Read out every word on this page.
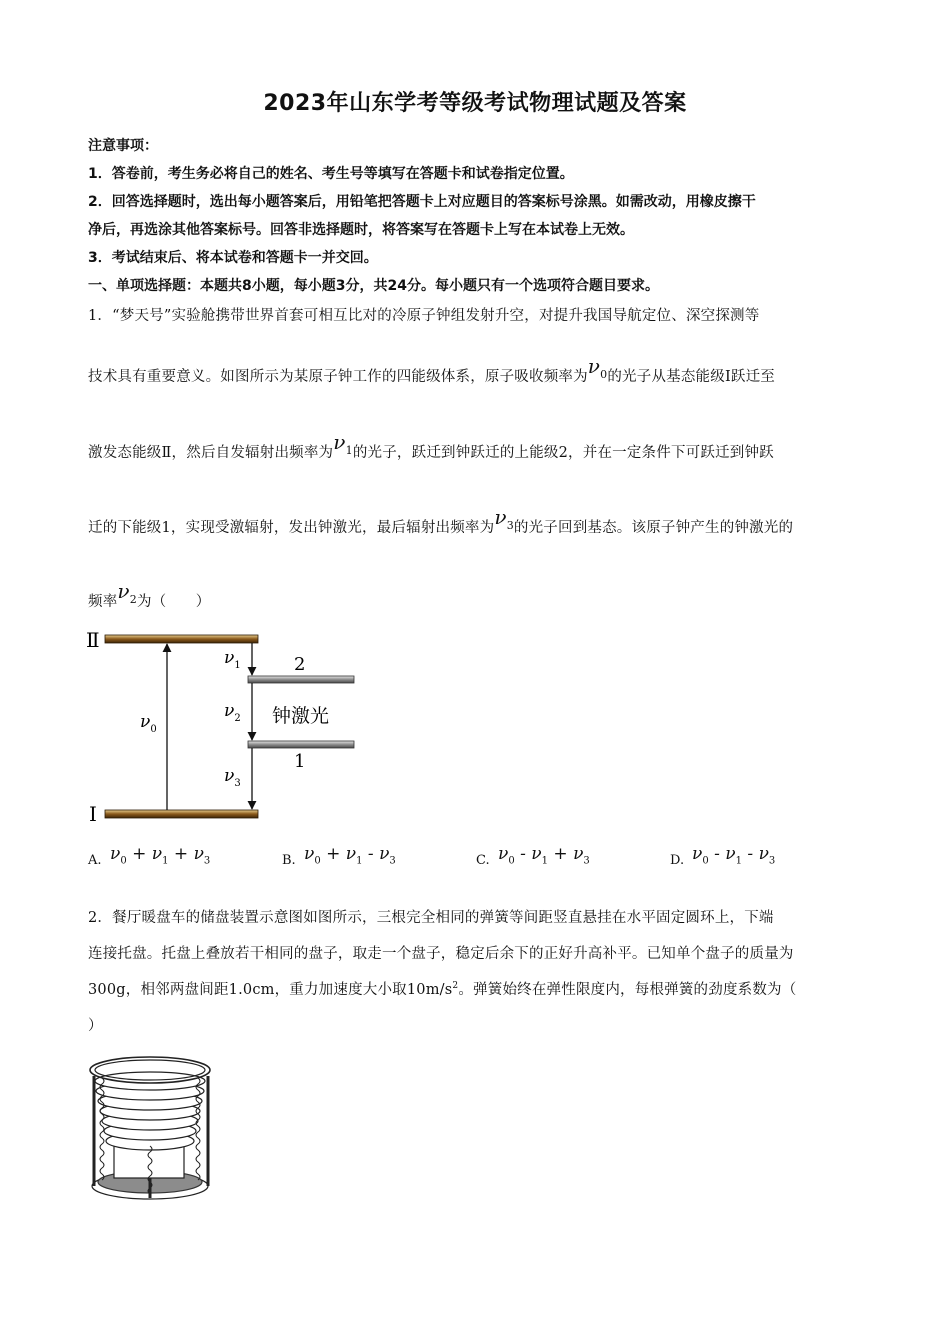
2023年山东学考等级考试物理试题及答案
注意事项：
1．答卷前，考生务必将自己的姓名、考生号等填写在答题卡和试卷指定位置。
2．回答选择题时，选出每小题答案后，用铅笔把答题卡上对应题目的答案标号涂黑。如需改动，用橡皮擦干
净后，再选涂其他答案标号。回答非选择题时，将答案写在答题卡上写在本试卷上无效。
3．考试结束后、将本试卷和答题卡一并交回。
一、单项选择题：本题共8小题，每小题3分，共24分。每小题只有一个选项符合题目要求。
1．“梦天号”实验舱携带世界首套可相互比对的冷原子钟组发射升空，对提升我国导航定位、深空探测等
技术具有重要意义。如图所示为某原子钟工作的四能级体系，原子吸收频率为$\nu_0$的光子从基态能级Ⅰ跃迁至
激发态能级Ⅱ，然后自发辐射出频率为$\nu_1$的光子，跃迁到钟跃迁的上能级2，并在一定条件下可跃迁到钟跃
迁的下能级1，实现受激辐射，发出钟激光，最后辐射出频率为$\nu_3$的光子回到基态。该原子钟产生的钟激光的
频率$\nu_2$为（　　）
Ⅱ
Ⅰ
2
1
钟激光
$\nu_0$
$\nu_1$
$\nu_2$
$\nu_3$
A. $\nu_0 + \nu_1 + \nu_3$	B. $\nu_0 + \nu_1 - \nu_3$	C. $\nu_0 - \nu_1 + \nu_3$	D. $\nu_0 - \nu_1 - \nu_3$
2．餐厅暖盘车的储盘装置示意图如图所示，三根完全相同的弹簧等间距竖直悬挂在水平固定圆环上，下端
连接托盘。托盘上叠放若干相同的盘子，取走一个盘子，稳定后余下的正好升高补平。已知单个盘子的质量为
300g，相邻两盘间距1.0cm，重力加速度大小取$10m/s^2$。弹簧始终在弹性限度内，每根弹簧的劲度系数为（
）
